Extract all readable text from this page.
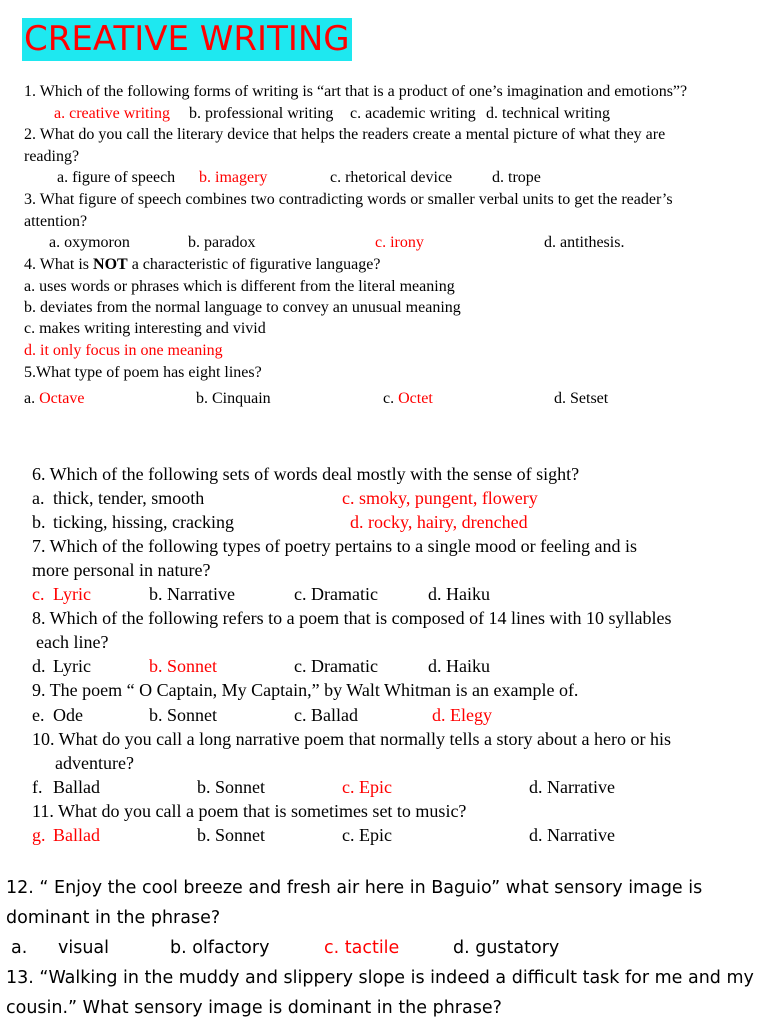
CREATIVE WRITING
1. Which of the following forms of writing is “art that is a product of one’s imagination and emotions”?
a. creative writing b. professional writing c. academic writing d. technical writing
2. What do you call the literary device that helps the readers create a mental picture of what they are
reading?
a. figure of speech b. imagery	c. rhetorical device d. trope
3. What figure of speech combines two contradicting words or smaller verbal units to get the reader’s
attention?
a. oxymoron	b. paradox	c. irony	d. antithesis.
4. What is NOT a characteristic of figurative language?
a. uses words or phrases which is different from the literal meaning
b. deviates from the normal language to convey an unusual meaning
c. makes writing interesting and vivid
d. it only focus in one meaning
5.What type of poem has eight lines?
a. Octave	b. Cinquain	c. Octet	d. Setset
6. Which of the following sets of words deal mostly with the sense of sight?
a. thick, tender, smooth	c. smoky, pungent, flowery
b. ticking, hissing, cracking	d. rocky, hairy, drenched
7. Which of the following types of poetry pertains to a single mood or feeling and is
more personal in nature?
c. Lyric	b. Narrative	c. Dramatic	d. Haiku
8. Which of the following refers to a poem that is composed of 14 lines with 10 syllables
each line?
d. Lyric	b. Sonnet	c. Dramatic	d. Haiku
9. The poem “ O Captain, My Captain,” by Walt Whitman is an example of.
e. Ode	b. Sonnet	c. Ballad	d. Elegy
10. What do you call a long narrative poem that normally tells a story about a hero or his
adventure?
f. Ballad	b. Sonnet	c. Epic	d. Narrative
11. What do you call a poem that is sometimes set to music?
g. Ballad	b. Sonnet	c. Epic	d. Narrative
12. “ Enjoy the cool breeze and fresh air here in Baguio” what sensory image is
dominant in the phrase?
a. visual	b. olfactory	c. tactile	d. gustatory
13. “Walking in the muddy and slippery slope is indeed a difficult task for me and my
cousin.” What sensory image is dominant in the phrase?
